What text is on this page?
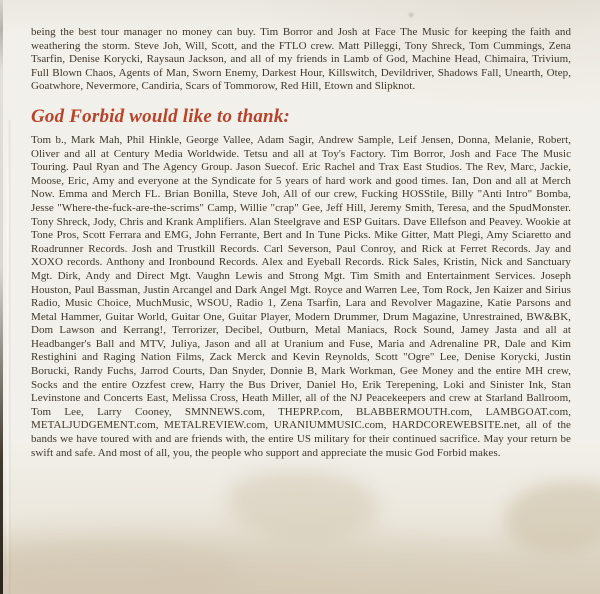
being the best tour manager no money can buy. Tim Borror and Josh at Face The Music for keeping the faith and weathering the storm. Steve Joh, Will, Scott, and the FTLO crew. Matt Pilleggi, Tony Shreck, Tom Cummings, Zena Tsarfin, Denise Korycki, Raysaun Jackson, and all of my friends in Lamb of God, Machine Head, Chimaira, Trivium, Full Blown Chaos, Agents of Man, Sworn Enemy, Darkest Hour, Killswitch, Devildriver, Shadows Fall, Unearth, Otep, Goatwhore, Nevermore, Candiria, Scars of Tommorow, Red Hill, Etown and Slipknot.

God Forbid would like to thank:

Tom b., Mark Mah, Phil Hinkle, George Vallee, Adam Sagir, Andrew Sample, Leif Jensen, Donna, Melanie, Robert, Oliver and all at Century Media Worldwide. Tetsu and all at Toy's Factory. Tim Borror, Josh and Face The Music Touring. Paul Ryan and The Agency Group. Jason Suecof. Eric Rachel and Trax East Studios. The Rev, Marc, Jackie, Moose, Eric, Amy and everyone at the Syndicate for 5 years of hard work and good times. Ian, Don and all at Merch Now. Emma and Merch FL. Brian Bonilla, Steve Joh, All of our crew, Fucking HOSStile, Billy "Anti Intro" Bomba, Jesse "Where-the-fuck-are-the-scrims" Camp, Willie "crap" Gee, Jeff Hill, Jeremy Smith, Teresa, and the SpudMonster. Tony Shreck, Jody, Chris and Krank Amplifiers. Alan Steelgrave and ESP Guitars. Dave Ellefson and Peavey. Wookie at Tone Pros, Scott Ferrara and EMG, John Ferrante, Bert and In Tune Picks. Mike Gitter, Matt Plegi, Amy Sciaretto and Roadrunner Records. Josh and Trustkill Records. Carl Severson, Paul Conroy, and Rick at Ferret Records. Jay and XOXO records. Anthony and Ironbound Records. Alex and Eyeball Records. Rick Sales, Kristin, Nick and Sanctuary Mgt. Dirk, Andy and Direct Mgt. Vaughn Lewis and Strong Mgt. Tim Smith and Entertainment Services. Joseph Houston, Paul Bassman, Justin Arcangel and Dark Angel Mgt. Royce and Warren Lee, Tom Rock, Jen Kaizer and Sirius Radio, Music Choice, MuchMusic, WSOU, Radio 1, Zena Tsarfin, Lara and Revolver Magazine, Katie Parsons and Metal Hammer, Guitar World, Guitar One, Guitar Player, Modern Drummer, Drum Magazine, Unrestrained, BW&BK, Dom Lawson and Kerrang!, Terrorizer, Decibel, Outburn, Metal Maniacs, Rock Sound, Jamey Jasta and all at Headbanger's Ball and MTV, Juliya, Jason and all at Uranium and Fuse, Maria and Adrenaline PR, Dale and Kim Restighini and Raging Nation Films, Zack Merck and Kevin Reynolds, Scott "Ogre" Lee, Denise Korycki, Justin Borucki, Randy Fuchs, Jarrod Courts, Dan Snyder, Donnie B, Mark Workman, Gee Money and the entire MH crew, Socks and the entire Ozzfest crew, Harry the Bus Driver, Daniel Ho, Erik Terepening, Loki and Sinister Ink, Stan Levinstone and Concerts East, Melissa Cross, Heath Miller, all of the NJ Peacekeepers and crew at Starland Ballroom, Tom Lee, Larry Cooney, SMNNEWS.com, THEPRP.com, BLABBERMOUTH.com, LAMBGOAT.com, METALJUDGEMENT.com, METALREVIEW.com, URANIUMMUSIC.com, HARDCOREWEBSITE.net, all of the bands we have toured with and are friends with, the entire US military for their continued sacrifice. May your return be swift and safe. And most of all, you, the people who support and appreciate the music God Forbid makes.
